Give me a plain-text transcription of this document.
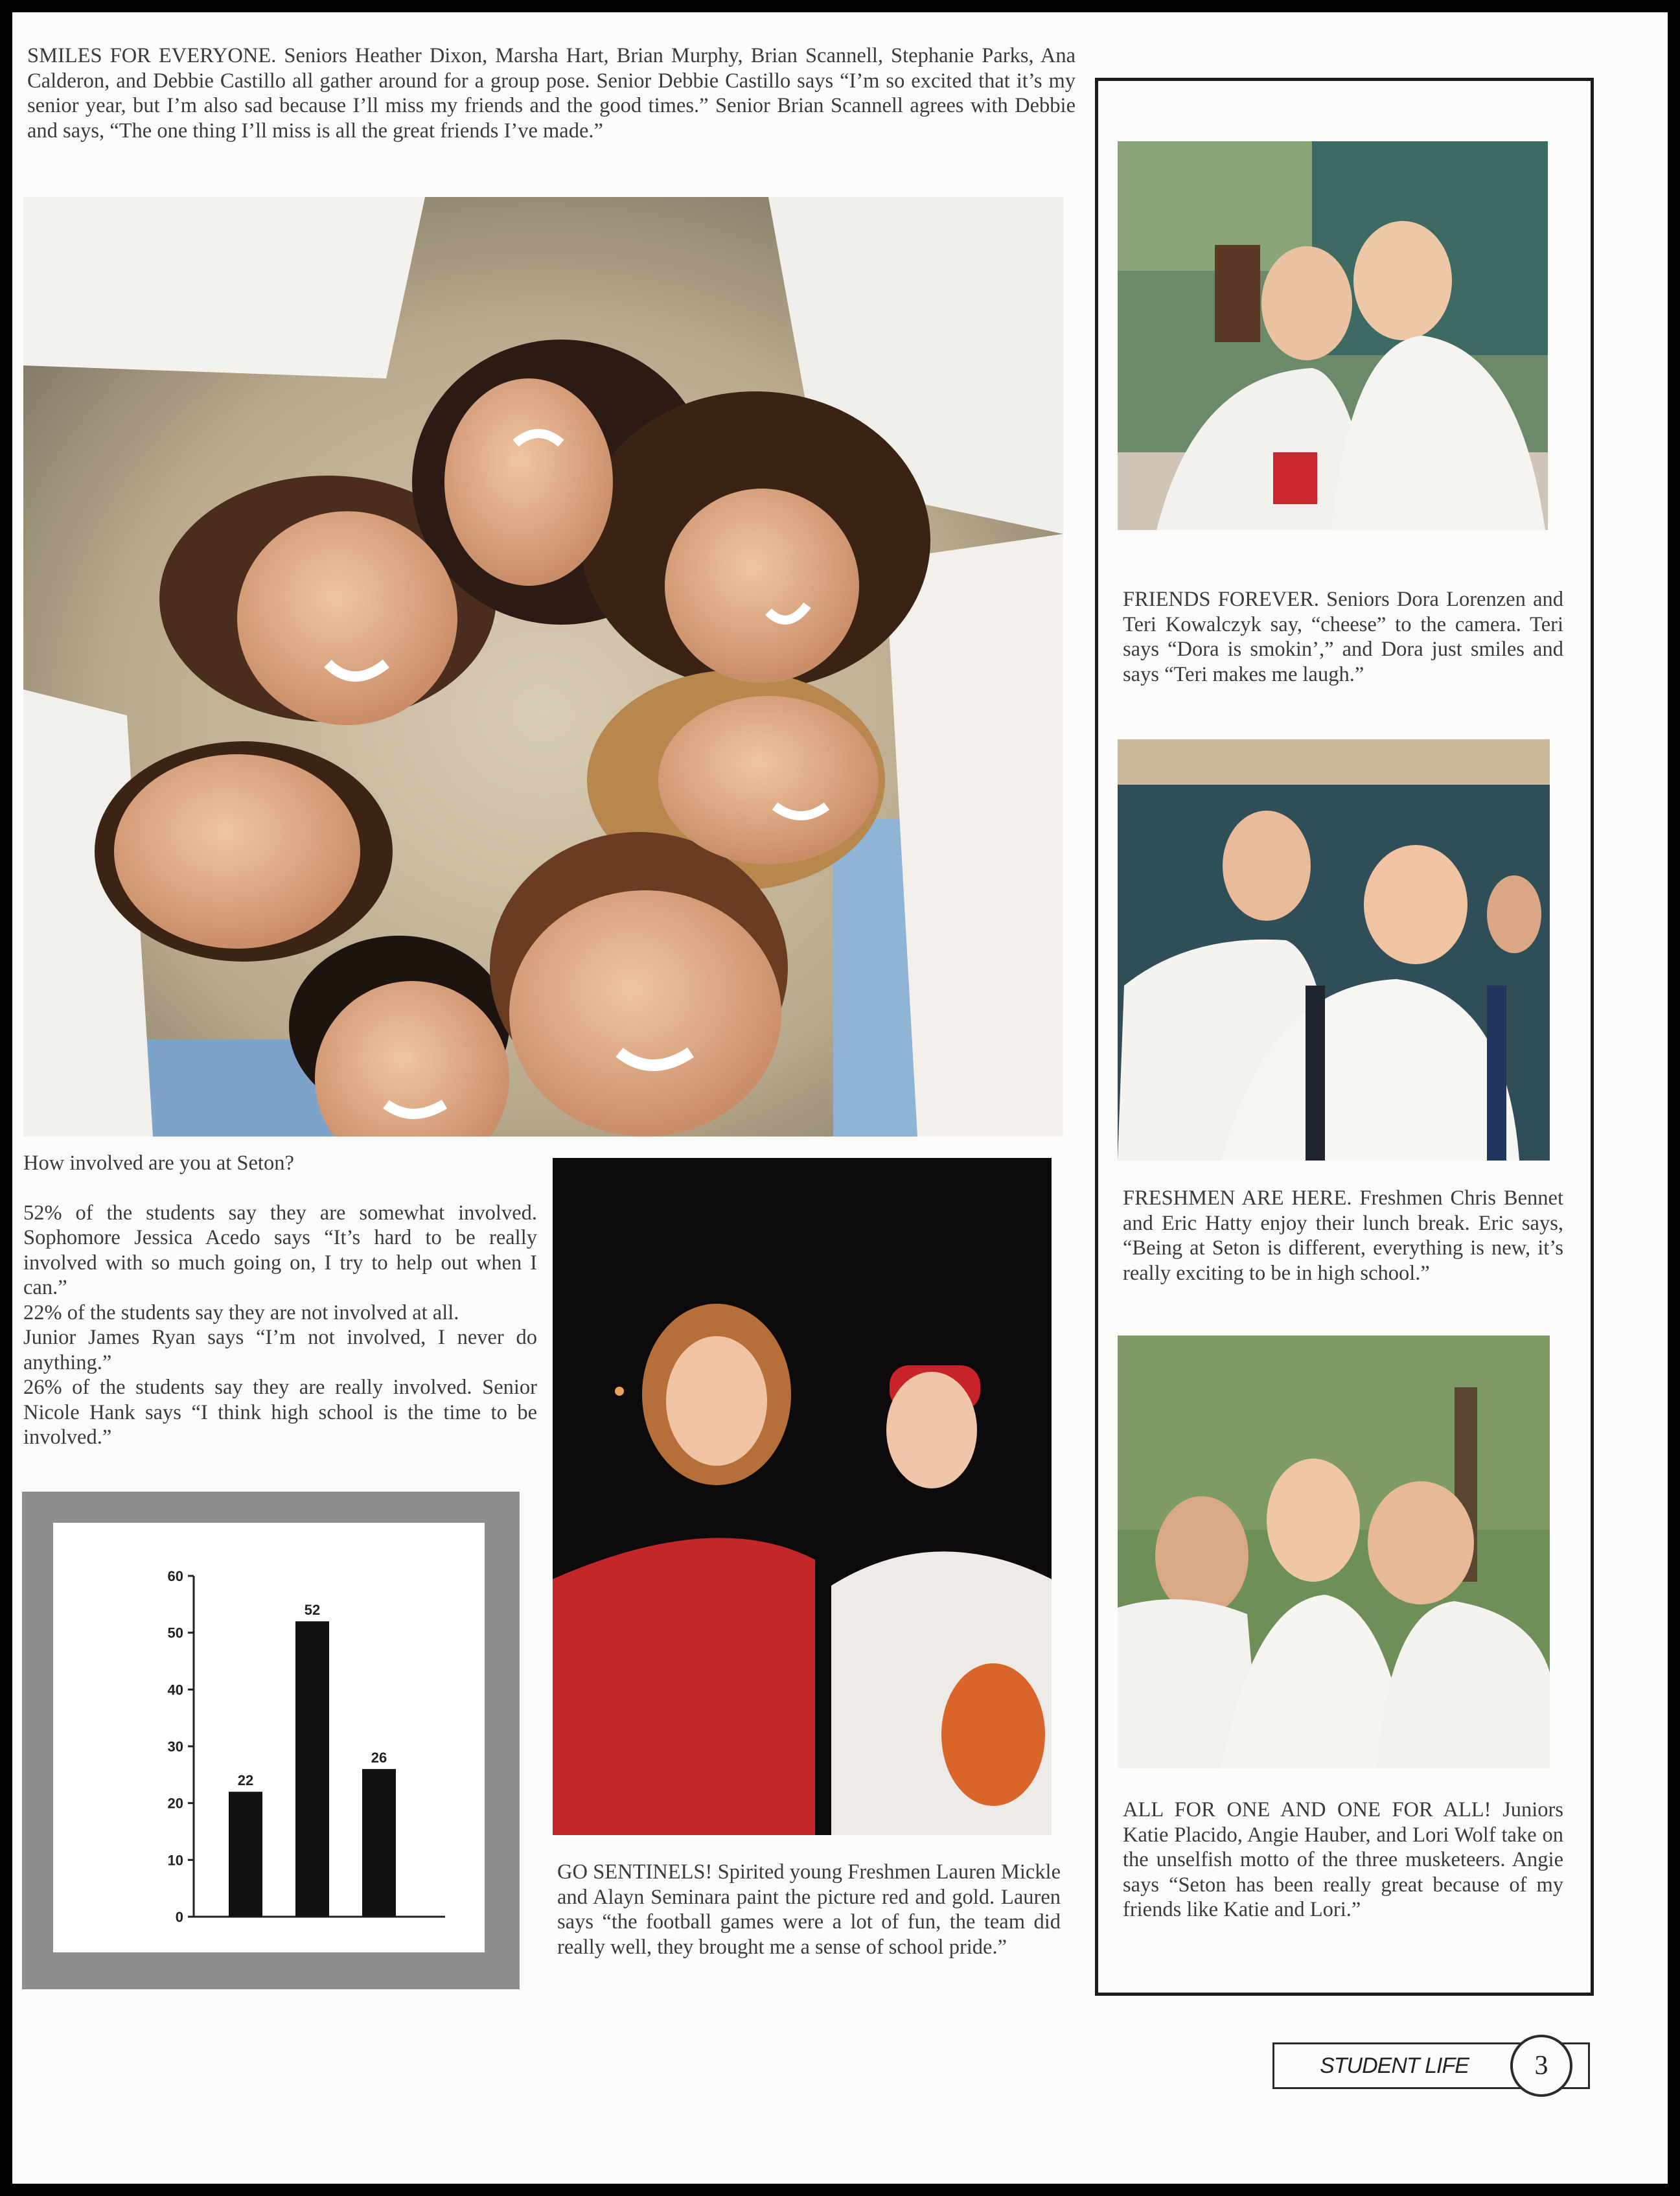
SMILES FOR EVERYONE. Seniors Heather Dixon, Marsha Hart, Brian Murphy, Brian Scannell, Stephanie Parks, Ana Calderon, and Debbie Castillo all gather around for a group pose. Senior Debbie Castillo says “I’m so excited that it’s my senior year, but I’m also sad because I’ll miss my friends and the good times.” Senior Brian Scannell agrees with Debbie and says, “The one thing I’ll miss is all the great friends I’ve made.”

How involved are you at Seton?

52% of the students say they are somewhat involved. Sophomore Jessica Acedo says “It’s hard to be really involved with so much going on, I try to help out when I can.”

22% of the students say they are not involved at all.

Junior James Ryan says “I’m not involved, I never do anything.”

26% of the students say they are really involved. Senior Nicole Hank says “I think high school is the time to be involved.”

0
10
20
30
40
50
60
22
52
26

GO SENTINELS! Spirited young Freshmen Lauren Mickle and Alayn Seminara paint the picture red and gold. Lauren says “the football games were a lot of fun, the team did really well, they brought me a sense of school pride.”

FRIENDS FOREVER. Seniors Dora Lorenzen and Teri Kowalczyk say, “cheese” to the camera. Teri says “Dora is smokin’,” and Dora just smiles and says “Teri makes me laugh.”

FRESHMEN ARE HERE. Freshmen Chris Bennet and Eric Hatty enjoy their lunch break. Eric says, “Being at Seton is different, everything is new, it’s really exciting to be in high school.”

ALL FOR ONE AND ONE FOR ALL! Juniors Katie Placido, Angie Hauber, and Lori Wolf take on the unselfish motto of the three musketeers. Angie says “Seton has been really great because of my friends like Katie and Lori.”

STUDENT LIFE	3
